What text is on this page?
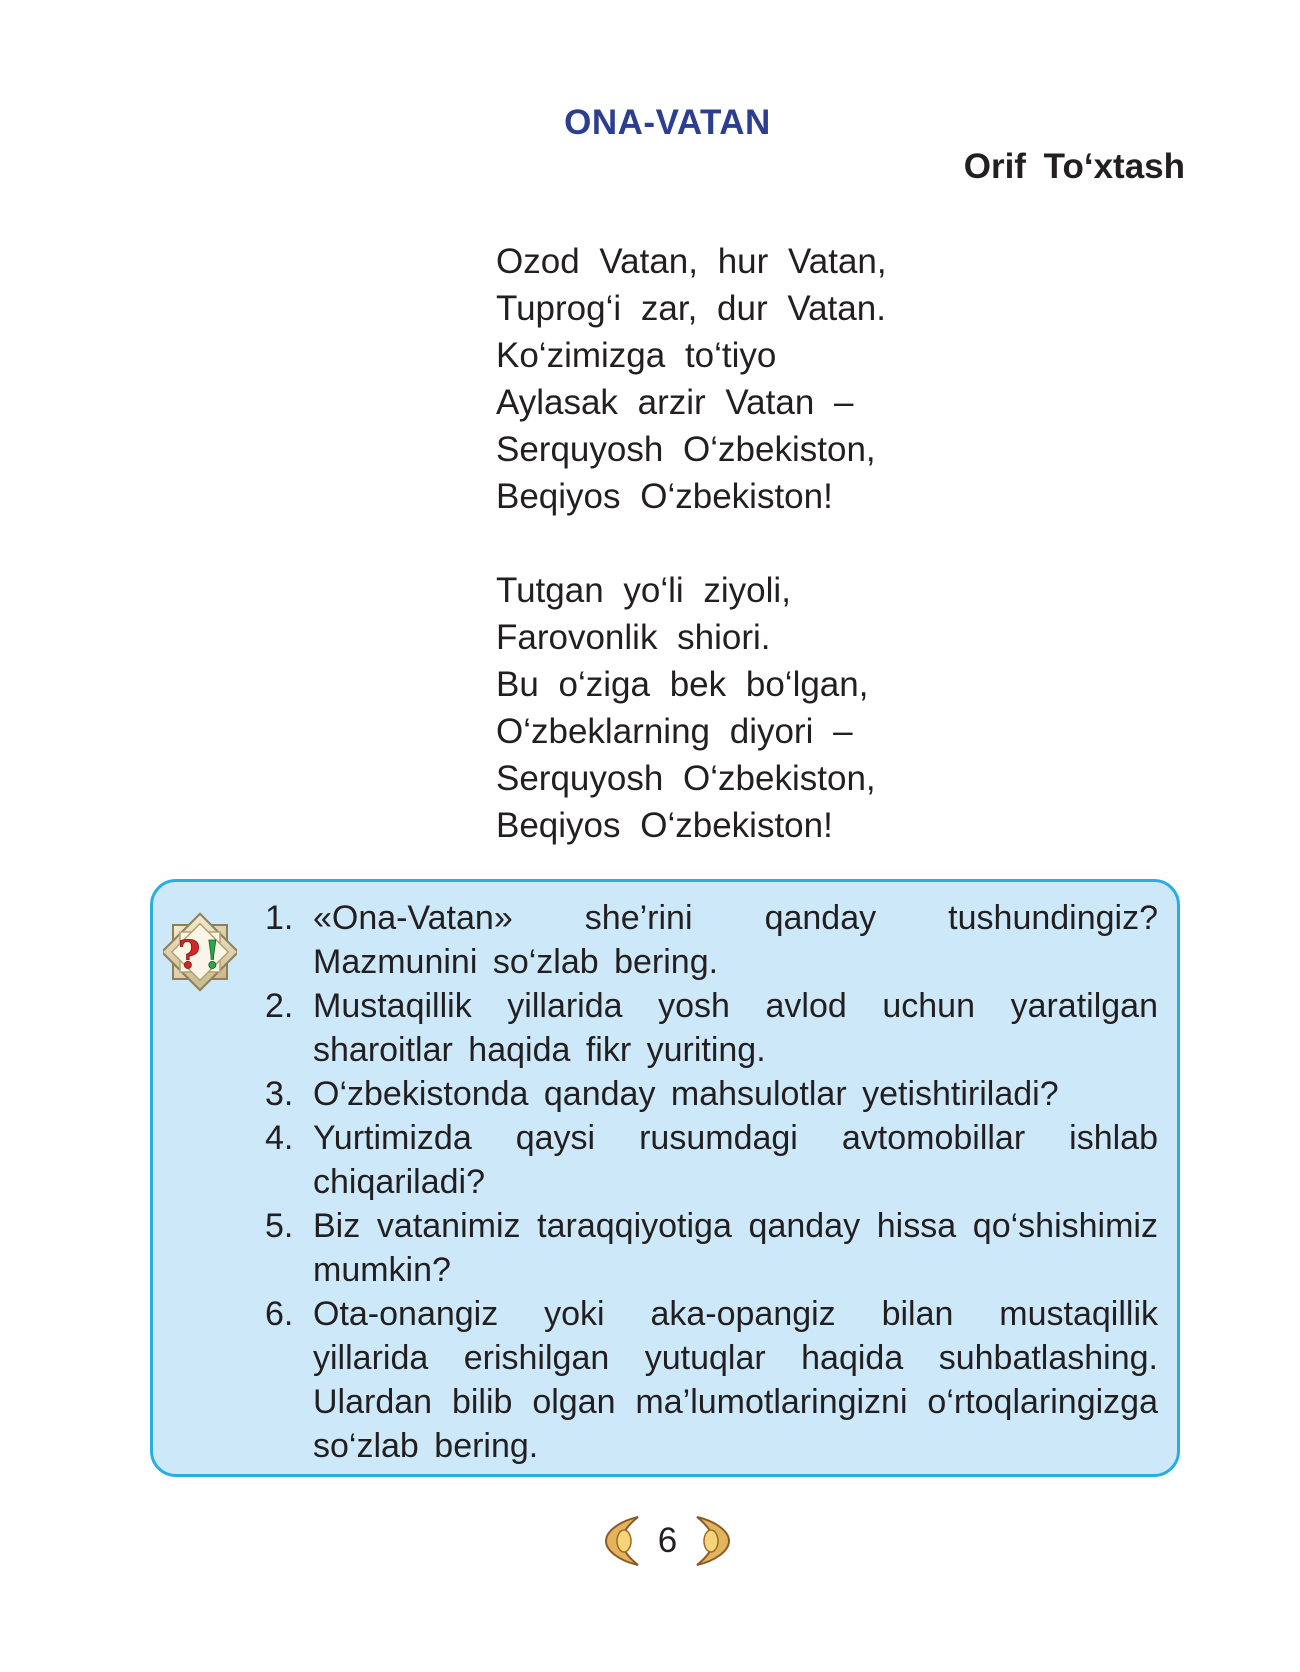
ONA-VATAN
Orif To‘xtash
Ozod Vatan, hur Vatan,
Tuprog‘i zar, dur Vatan.
Ko‘zimizga to‘tiyo
Aylasak arzir Vatan –
Serquyosh O‘zbekiston,
Beqiyos O‘zbekiston!
Tutgan yo‘li ziyoli,
Farovonlik shiori.
Bu o‘ziga bek bo‘lgan,
O‘zbeklarning diyori –
Serquyosh O‘zbekiston,
Beqiyos O‘zbekiston!
? !
1. «Ona-Vatan» she’rini qanday tushundingiz? Mazmunini so‘zlab bering.
2. Mustaqillik yillarida yosh avlod uchun yaratilgan sharoitlar haqida fikr yuriting.
3. O‘zbekistonda qanday mahsulotlar yetishtiriladi?
4. Yurtimizda qaysi rusumdagi avtomobillar ishlab chiqariladi?
5. Biz vatanimiz taraqqiyotiga qanday hissa qo‘shishimiz mumkin?
6. Ota-onangiz yoki aka-opangiz bilan mustaqillik yillarida erishilgan yutuqlar haqida suhbatlashing. Ulardan bilib olgan ma’lumotlaringizni o‘rtoqlaringizga so‘zlab bering.
6
